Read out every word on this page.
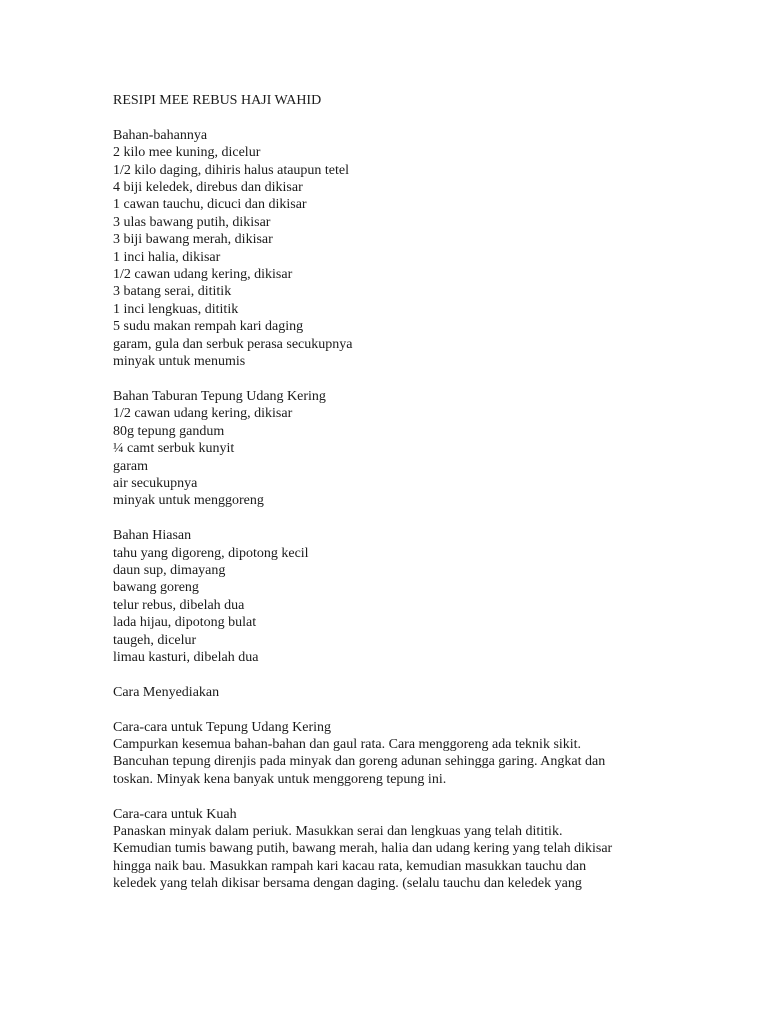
RESIPI MEE REBUS HAJI WAHID
Bahan-bahannya
2 kilo mee kuning, dicelur
1/2 kilo daging, dihiris halus ataupun tetel
4 biji keledek, direbus dan dikisar
1 cawan tauchu, dicuci dan dikisar
3 ulas bawang putih, dikisar
3 biji bawang merah, dikisar
1 inci halia, dikisar
1/2 cawan udang kering, dikisar
3 batang serai, dititik
1 inci lengkuas, dititik
5 sudu makan rempah kari daging
garam, gula dan serbuk perasa secukupnya
minyak untuk menumis
Bahan Taburan Tepung Udang Kering
1/2 cawan udang kering, dikisar
80g tepung gandum
¼ camt serbuk kunyit
garam
air secukupnya
minyak untuk menggoreng
Bahan Hiasan
tahu yang digoreng, dipotong kecil
daun sup, dimayang
bawang goreng
telur rebus, dibelah dua
lada hijau, dipotong bulat
taugeh, dicelur
limau kasturi, dibelah dua
Cara Menyediakan
Cara-cara untuk Tepung Udang Kering
Campurkan kesemua bahan-bahan dan gaul rata. Cara menggoreng ada teknik sikit.
Bancuhan tepung direnjis pada minyak dan goreng adunan sehingga garing. Angkat dan
toskan. Minyak kena banyak untuk menggoreng tepung ini.
Cara-cara untuk Kuah
Panaskan minyak dalam periuk. Masukkan serai dan lengkuas yang telah dititik.
Kemudian tumis bawang putih, bawang merah, halia dan udang kering yang telah dikisar
hingga naik bau. Masukkan rampah kari kacau rata, kemudian masukkan tauchu dan
keledek yang telah dikisar bersama dengan daging. (selalu tauchu dan keledek yang
